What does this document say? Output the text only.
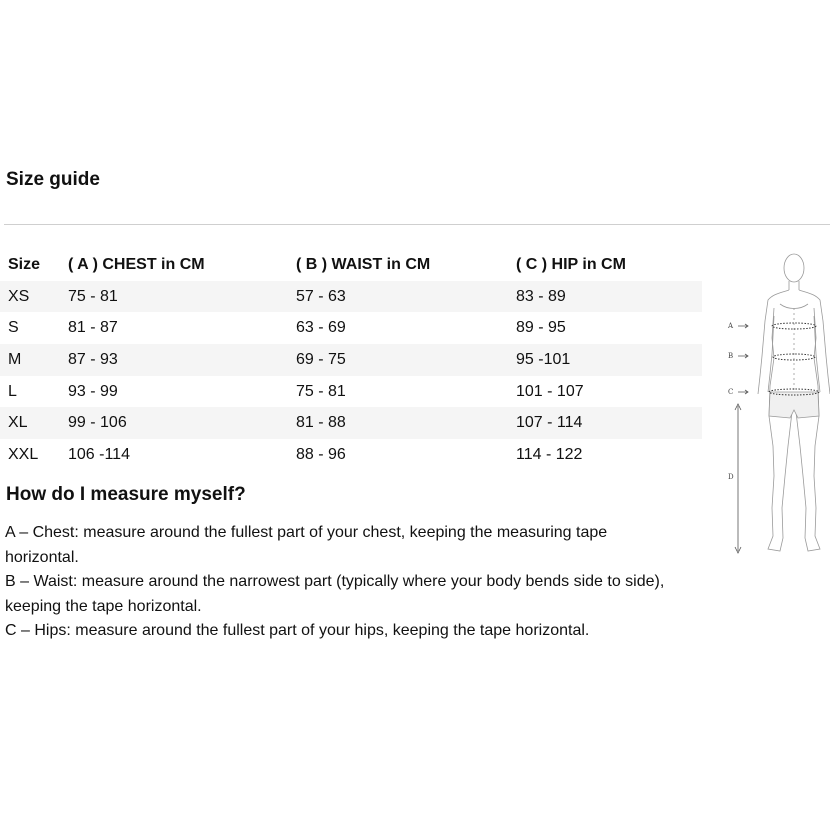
Size guide
Size	( A ) CHEST in CM	( B ) WAIST in CM	( C ) HIP in CM
XS	75 - 81	57 - 63	83 - 89
S	81 - 87	63 - 69	89 - 95
M	87 - 93	69 - 75	95 -101
L	93 - 99	75 - 81	101 - 107
XL	99 - 106	81 - 88	107 - 114
XXL	106 -114	88 - 96	114 - 122
How do I measure myself?

A – Chest: measure around the fullest part of your chest, keeping the measuring tape horizontal.

B – Waist: measure around the narrowest part (typically where your body bends side to side), keeping the tape horizontal.

C – Hips: measure around the fullest part of your hips, keeping the tape horizontal.

A
B
C
D
